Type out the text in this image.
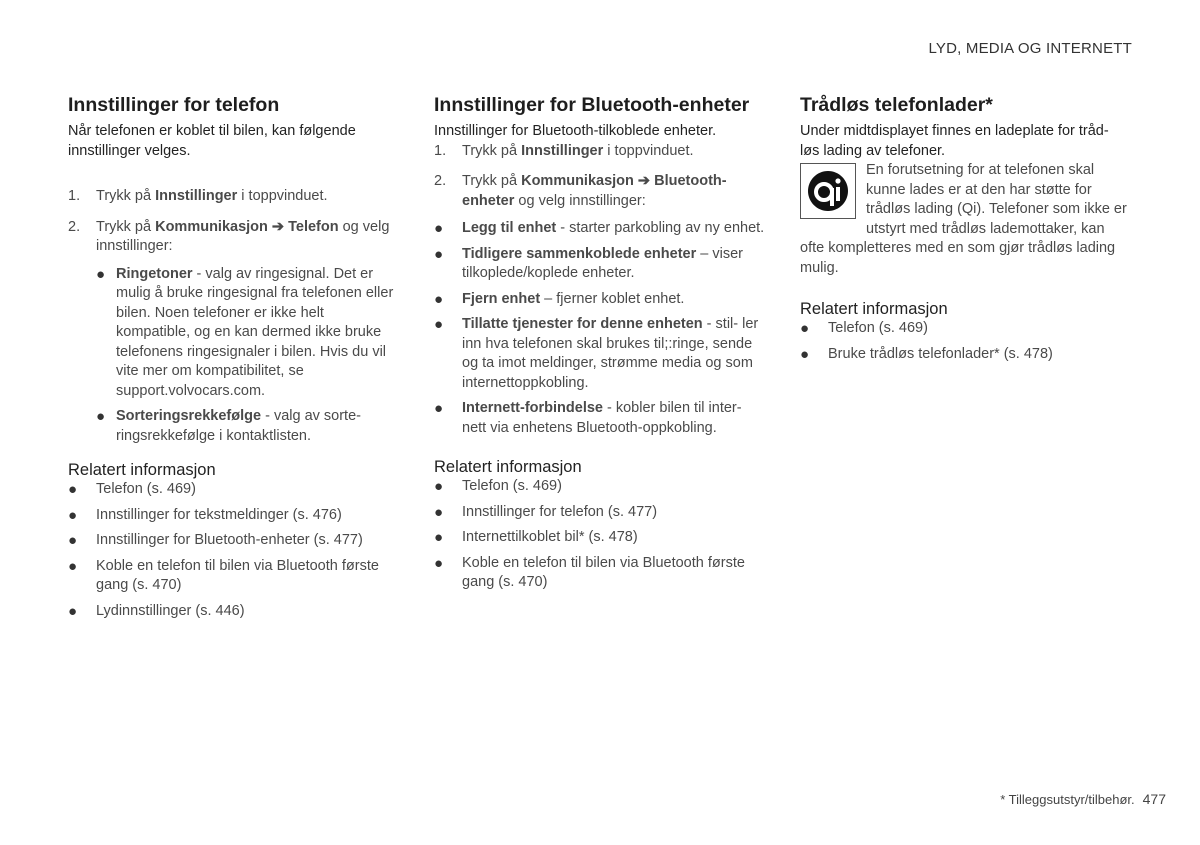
LYD, MEDIA OG INTERNETT
Innstillinger for telefon

Når telefonen er koblet til bilen, kan følgende innstillinger velges.

1.	Trykk på Innstillinger i toppvinduet.
2.	Trykk på Kommunikasjon ➔ Telefon og velg innstillinger:
● Ringetoner - valg av ringesignal. Det er mulig å bruke ringesignal fra telefonen eller bilen. Noen telefoner er ikke helt kompatible, og en kan dermed ikke bruke telefonens ringesignaler i bilen. Hvis du vil vite mer om kompatibilitet, se support.volvocars.com.
● Sorteringsrekkefølge - valg av sorte- ringsrekkefølge i kontaktlisten.
Relatert informasjon
●	Telefon (s. 469)
●	Innstillinger for tekstmeldinger (s. 476)
●	Innstillinger for Bluetooth-enheter (s. 477)
●	Koble en telefon til bilen via Bluetooth første gang (s. 470)
●	Lydinnstillinger (s. 446)
Innstillinger for Bluetooth-enheter

Innstillinger for Bluetooth-tilkoblede enheter.

1.	Trykk på Innstillinger i toppvinduet.
2.	Trykk på Kommunikasjon ➔ Bluetooth- enheter og velg innstillinger:
●	Legg til enhet - starter parkobling av ny enhet.
●	Tidligere sammenkoblede enheter – viser tilkoplede/koplede enheter.
●	Fjern enhet – fjerner koblet enhet.
●	Tillatte tjenester for denne enheten - stil- ler inn hva telefonen skal brukes til;:ringe, sende og ta imot meldinger, strømme media og som internettoppkobling.
●	Internett-forbindelse - kobler bilen til inter- nett via enhetens Bluetooth-oppkobling.
Relatert informasjon
●	Telefon (s. 469)
●	Innstillinger for telefon (s. 477)
●	Internettilkoblet bil* (s. 478)
●	Koble en telefon til bilen via Bluetooth første gang (s. 470)
Trådløs telefonlader*

Under midtdisplayet finnes en ladeplate for tråd- løs lading av telefoner.

En forutsetning for at telefonen skal kunne lades er at den har støtte for trådløs lading (Qi). Telefoner som ikke er utstyrt med trådløs lademottaker, kan ofte kompletteres med en som gjør trådløs lading mulig.
Relatert informasjon
●	Telefon (s. 469)
●	Bruke trådløs telefonlader* (s. 478)
* Tilleggsutstyr/tilbehør. 477
